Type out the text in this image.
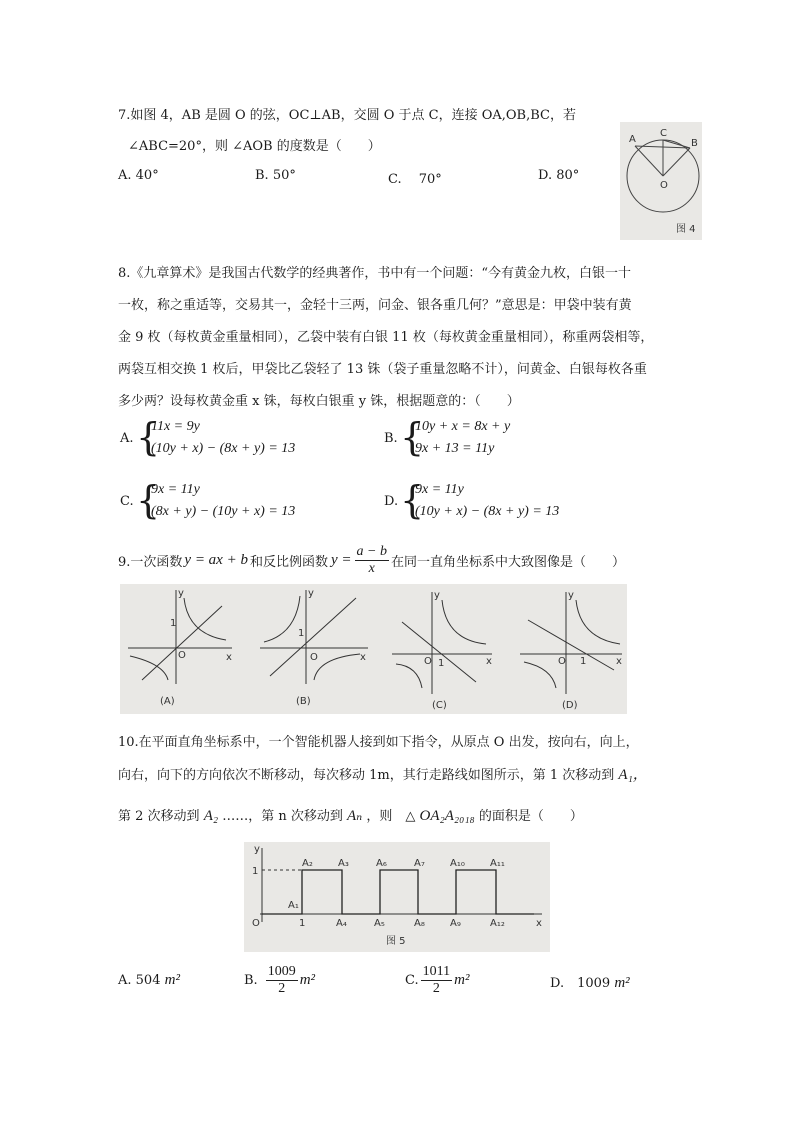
7.如图 4，AB 是圆 O 的弦，OC⊥AB，交圆 O 于点 C，连接 OA,OB,BC，若
∠ABC=20°，则 ∠AOB 的度数是（　　）
A. 40°	B. 50°	C.　 70°	D. 80°
A
C
B
O
图 4
8.《九章算术》是我国古代数学的经典著作，书中有一个问题：“今有黄金九枚，白银一十
一枚，称之重适等，交易其一，金轻十三两，问金、银各重几何？”意思是：甲袋中装有黄
金 9 枚（每枚黄金重量相同），乙袋中装有白银 11 枚（每枚黄金重量相同），称重两袋相等，
两袋互相交换 1 枚后，甲袋比乙袋轻了 13 铢（袋子重量忽略不计），问黄金、白银每枚各重
多少两？设每枚黄金重 x 铢，每枚白银重 y 铢，根据题意的：（　　）
A. {
11x = 9y
(10y + x) − (8x + y) = 13
B. {
10y + x = 8x + y
9x + 13 = 11y
C. {
9x = 11y
(8x + y) − (10y + x) = 13
D. {
9x = 11y
(10y + x) − (8x + y) = 13
9.一次函数 y = ax + b 和反比例函数 $y = \frac{a - b}{x}$ 在同一直角坐标系中大致图像是（　　）
y
x
O
1
(A)
y
x
O
1
(B)
y
x
O 1
(C)
y
x
O 1
(D)
10.在平面直角坐标系中，一个智能机器人接到如下指令，从原点 O 出发，按向右，向上，
向右，向下的方向依次不断移动，每次移动 1m，其行走路线如图所示，第 1 次移动到 A₁，
第 2 次移动到 A₂ ……，第 n 次移动到 Aₙ ，则　△ OA₂A₂₀₁₈ 的面积是（　　）
A₂	A₃	A₆	A₇	A₁₀	A₁₁
A₁
A₄	A₅	A₈	A₉	A₁₂
O	1
1
x
y
图 5
A. 504 m²	B. $\frac{1009}{2} m^2$	C. $\frac{1011}{2} m^2$	D.　1009 m²
